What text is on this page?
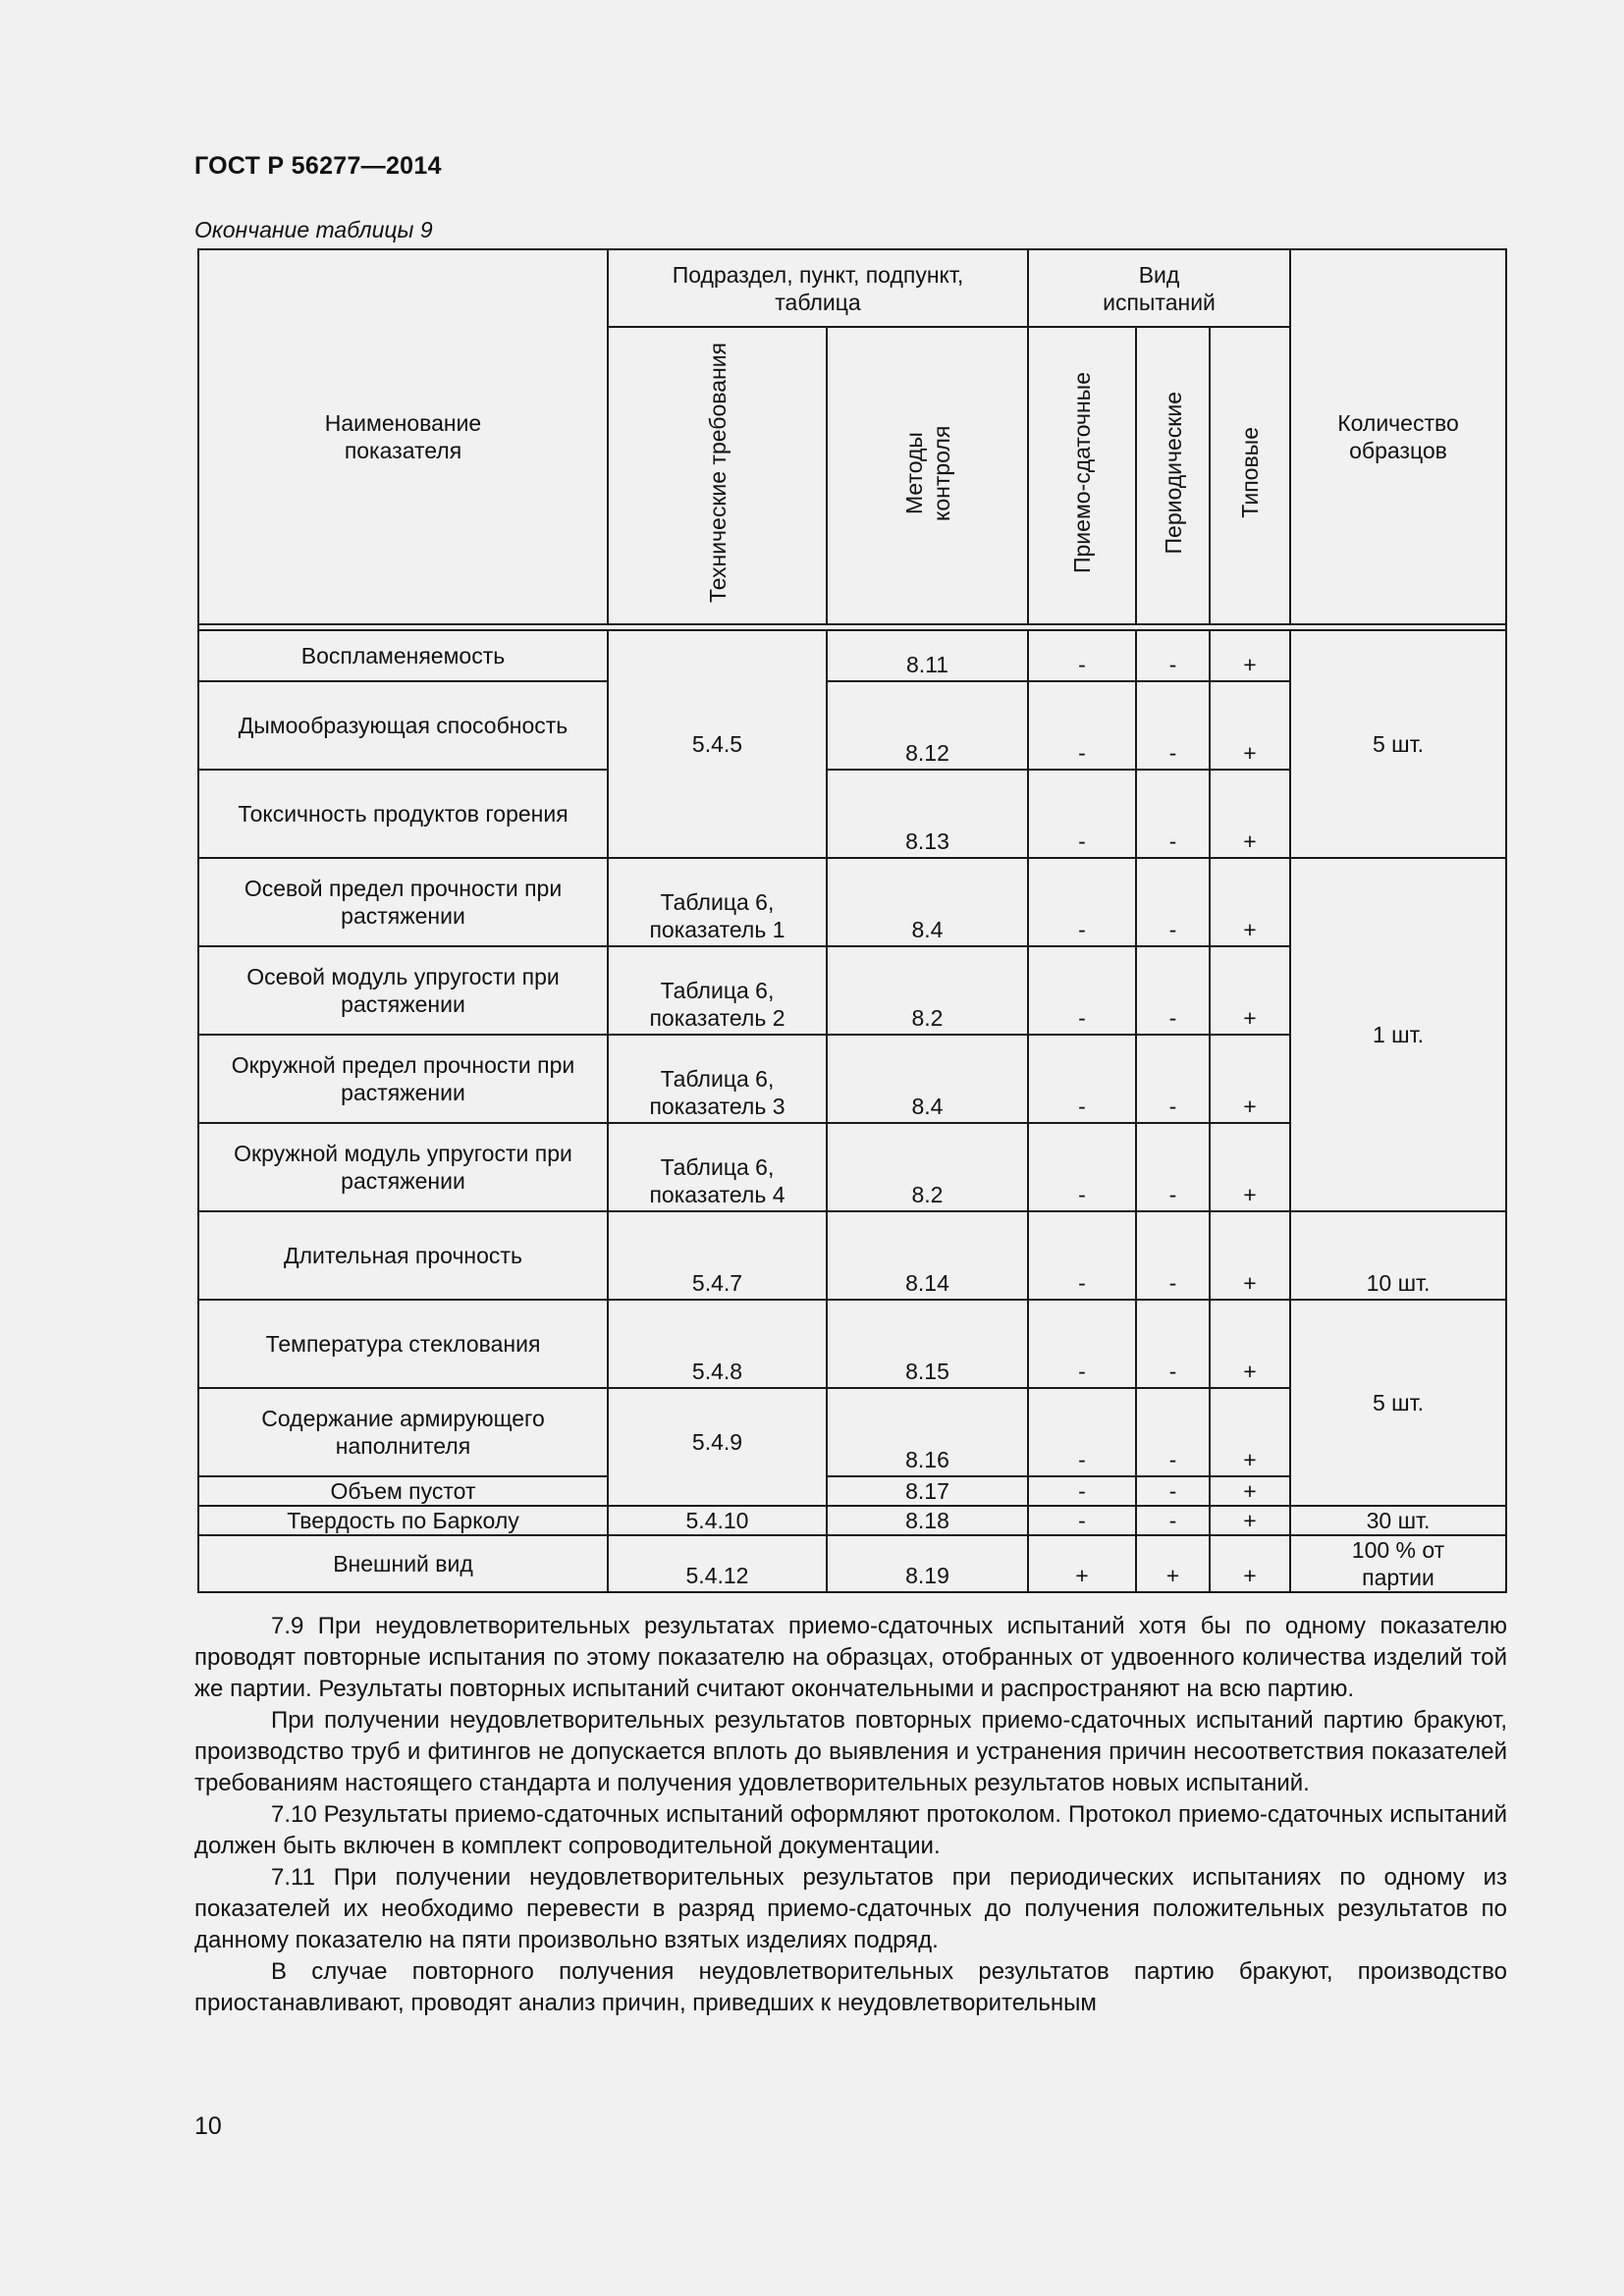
ГОСТ Р 56277—2014
Окончание таблицы 9
Наименование показателя	Подраздел, пункт, подпункт, таблица		Вид испытаний			Количество образцов

	Технические требования	Методы контроля	Приемо-сдаточные	Периодические	Типовые	

Воспламеняемость	5.4.5	8.11	-	-	+	5 шт.
Дымообразующая способность		8.12	-	-	+	
Токсичность продуктов горения		8.13	-	-	+	
Осевой предел прочности при растяжении	Таблица 6, показатель 1	8.4	-	-	+	1 шт.
Осевой модуль упругости при растяжении	Таблица 6, показатель 2	8.2	-	-	+	
Окружной предел прочности при растяжении	Таблица 6, показатель 3	8.4	-	-	+	
Окружной модуль упругости при растяжении	Таблица 6, показатель 4	8.2	-	-	+	
Длительная прочность	5.4.7	8.14	-	-	+	10 шт.
Температура стеклования	5.4.8	8.15	-	-	+	5 шт.
Содержание армирующего наполнителя	5.4.9	8.16	-	-	+	
Объем пустот		8.17	-	-	+	
Твердость по Барколу	5.4.10	8.18	-	-	+	30 шт.
Внешний вид	5.4.12	8.19	+	+	+	100 % от партии

7.9 При неудовлетворительных результатах приемо-сдаточных испытаний хотя бы по одному показателю проводят повторные испытания по этому показателю на образцах, отобранных от удвоенного количества изделий той же партии. Результаты повторных испытаний считают окончательными и распространяют на всю партию.

При получении неудовлетворительных результатов повторных приемо-сдаточных испытаний партию бракуют, производство труб и фитингов не допускается вплоть до выявления и устранения причин несоответствия показателей требованиям настоящего стандарта и получения удовлетворительных результатов новых испытаний.

7.10 Результаты приемо-сдаточных испытаний оформляют протоколом. Протокол приемо-сдаточных испытаний должен быть включен в комплект сопроводительной документации.

7.11 При получении неудовлетворительных результатов при периодических испытаниях по одному из показателей их необходимо перевести в разряд приемо-сдаточных до получения положительных результатов по данному показателю на пяти произвольно взятых изделиях подряд.

В случае повторного получения неудовлетворительных результатов партию бракуют, производство приостанавливают, проводят анализ причин, приведших к неудовлетворительным

10
